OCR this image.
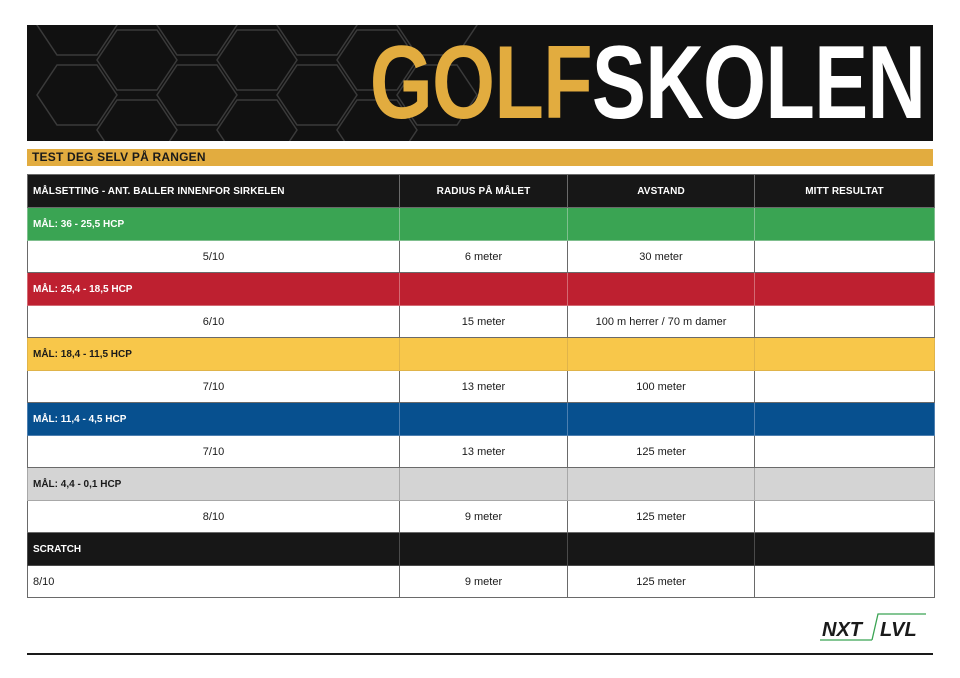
GOLF SKOLEN
TEST DEG SELV PÅ RANGEN
MÅLSETTING - ANT. BALLER INNENFOR SIRKELEN	RADIUS PÅ MÅLET	AVSTAND	MITT RESULTAT
MÅL: 36 - 25,5 HCP			
5/10	6 meter	30 meter	
MÅL: 25,4 - 18,5 HCP			
6/10	15 meter	100 m herrer / 70 m damer	
MÅL: 18,4 - 11,5 HCP			
7/10	13 meter	100 meter	
MÅL: 11,4 - 4,5 HCP			
7/10	13 meter	125 meter	
MÅL: 4,4 - 0,1 HCP			
8/10	9 meter	125 meter	
SCRATCH			
8/10	9 meter	125 meter	
NXT LVL
